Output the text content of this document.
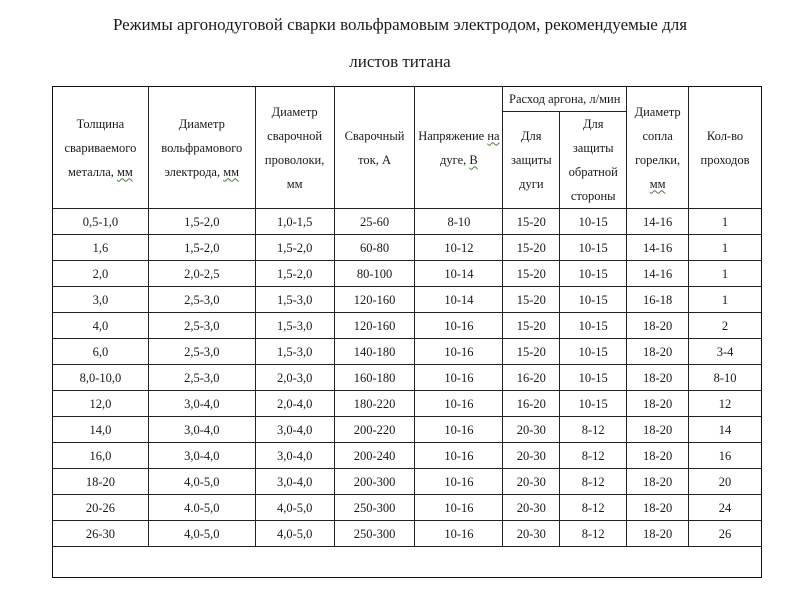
Режимы аргонодуговой сварки вольфрамовым электродом, рекомендуемые для
листов титана
Толщина свариваемого металла, мм	Диаметр вольфрамового электрода, мм	Диаметр сварочной проволоки, мм	Сварочный ток, А	Напряжение на дуге, В	Расход аргона, л/мин		Диаметр сопла горелки, мм	Кол-во проходов
					Для защиты дуги	Для защиты обратной стороны		
0,5-1,0	1,5-2,0	1,0-1,5	25-60	8-10	15-20	10-15	14-16	1
1,6	1,5-2,0	1,5-2,0	60-80	10-12	15-20	10-15	14-16	1
2,0	2,0-2,5	1,5-2,0	80-100	10-14	15-20	10-15	14-16	1
3,0	2,5-3,0	1,5-3,0	120-160	10-14	15-20	10-15	16-18	1
4,0	2,5-3,0	1,5-3,0	120-160	10-16	15-20	10-15	18-20	2
6,0	2,5-3,0	1,5-3,0	140-180	10-16	15-20	10-15	18-20	3-4
8,0-10,0	2,5-3,0	2,0-3,0	160-180	10-16	16-20	10-15	18-20	8-10
12,0	3,0-4,0	2,0-4,0	180-220	10-16	16-20	10-15	18-20	12
14,0	3,0-4,0	3,0-4,0	200-220	10-16	20-30	8-12	18-20	14
16,0	3,0-4,0	3,0-4,0	200-240	10-16	20-30	8-12	18-20	16
18-20	4,0-5,0	3,0-4,0	200-300	10-16	20-30	8-12	18-20	20
20-26	4.0-5,0	4,0-5,0	250-300	10-16	20-30	8-12	18-20	24
26-30	4,0-5,0	4,0-5,0	250-300	10-16	20-30	8-12	18-20	26
